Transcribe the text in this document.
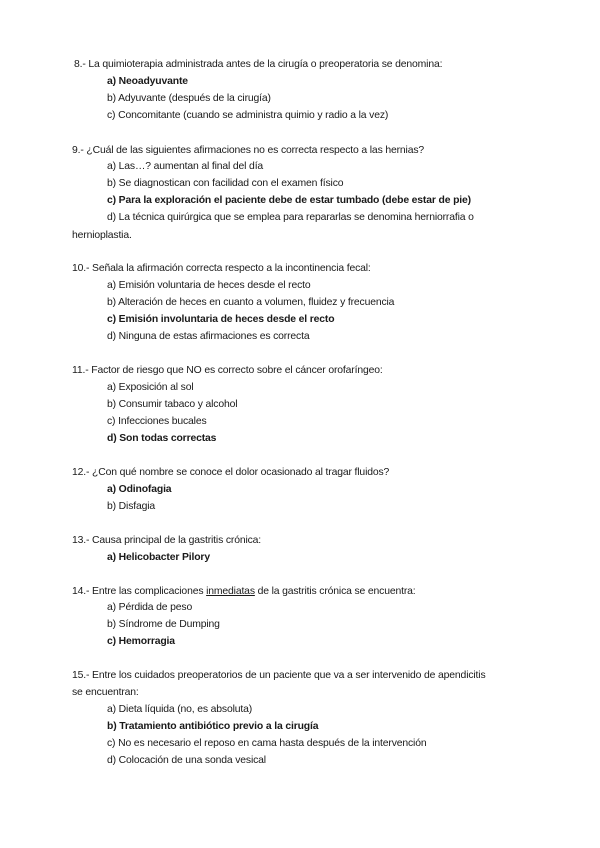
8.- La quimioterapia administrada antes de la cirugía o preoperatoria se denomina:
a) Neoadyuvante
b) Adyuvante (después de la cirugía)
c) Concomitante (cuando se administra quimio y radio a la vez)
9.- ¿Cuál de las siguientes afirmaciones no es correcta respecto a las hernias?
a) Las…? aumentan al final del día
b) Se diagnostican con facilidad con el examen físico
c) Para la exploración el paciente debe de estar tumbado (debe estar de pie)
d) La técnica quirúrgica que se emplea para repararlas se denomina herniorrafia o
hernioplastia.
10.- Señala la afirmación correcta respecto a la incontinencia fecal:
a) Emisión voluntaria de heces desde el recto
b) Alteración de heces en cuanto a volumen, fluidez y frecuencia
c) Emisión involuntaria de heces desde el recto
d) Ninguna de estas afirmaciones es correcta
11.- Factor de riesgo que NO es correcto sobre el cáncer orofaríngeo:
a) Exposición al sol
b) Consumir tabaco y alcohol
c) Infecciones bucales
d) Son todas correctas
12.- ¿Con qué nombre se conoce el dolor ocasionado al tragar fluidos?
a) Odinofagia
b) Disfagia
13.- Causa principal de la gastritis crónica:
a) Helicobacter Pilory
14.- Entre las complicaciones inmediatas de la gastritis crónica se encuentra:
a) Pérdida de peso
b) Síndrome de Dumping
c) Hemorragia
15.- Entre los cuidados preoperatorios de un paciente que va a ser intervenido de apendicitis
se encuentran:
a) Dieta líquida (no, es absoluta)
b) Tratamiento antibiótico previo a la cirugía
c) No es necesario el reposo en cama hasta después de la intervención
d) Colocación de una sonda vesical
